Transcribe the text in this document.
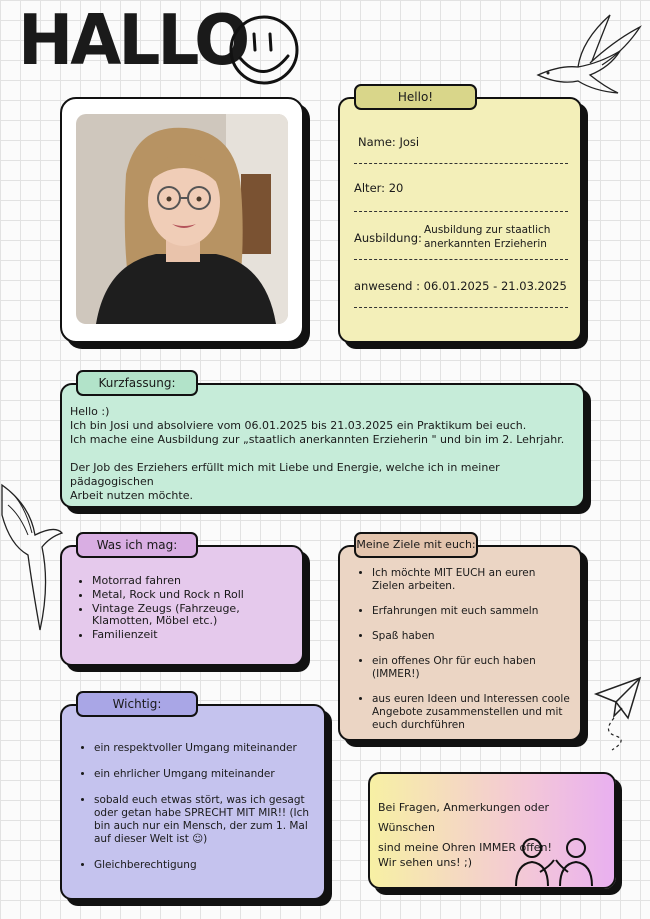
HALLO
Hello!
Name: Josi
Alter: 20
Ausbildung:
Ausbildung zur staatlich
anerkannten Erzieherin
anwesend : 06.01.2025 - 21.03.2025
Kurzfassung:
Hello :)
Ich bin Josi und absolviere vom 06.01.2025 bis 21.03.2025 ein Praktikum bei euch.
Ich mache eine Ausbildung zur „staatlich anerkannten Erzieherin " und bin im 2. Lehrjahr.
Der Job des Erziehers erfüllt mich mit Liebe und Energie, welche ich in meiner pädagogischen
Arbeit nutzen möchte.
Was ich mag:
• Motorrad fahren
• Metal, Rock und Rock n Roll
• Vintage Zeugs (Fahrzeuge, Klamotten, Möbel etc.)
• Familienzeit
Meine Ziele mit euch:
• Ich möchte MIT EUCH an euren Zielen arbeiten.
• Erfahrungen mit euch sammeln
• Spaß haben
• ein offenes Ohr für euch haben (IMMER!)
• aus euren Ideen und Interessen coole Angebote zusammenstellen und mit euch durchführen
Wichtig:
• ein respektvoller Umgang miteinander
• ein ehrlicher Umgang miteinander
• sobald euch etwas stört, was ich gesagt oder getan habe SPRECHT MIT MIR!! (Ich bin auch nur ein Mensch, der zum 1. Mal auf dieser Welt ist ☺)
• Gleichberechtigung
Bei Fragen, Anmerkungen oder Wünschen
sind meine Ohren IMMER offen!
Wir sehen uns! ;)
